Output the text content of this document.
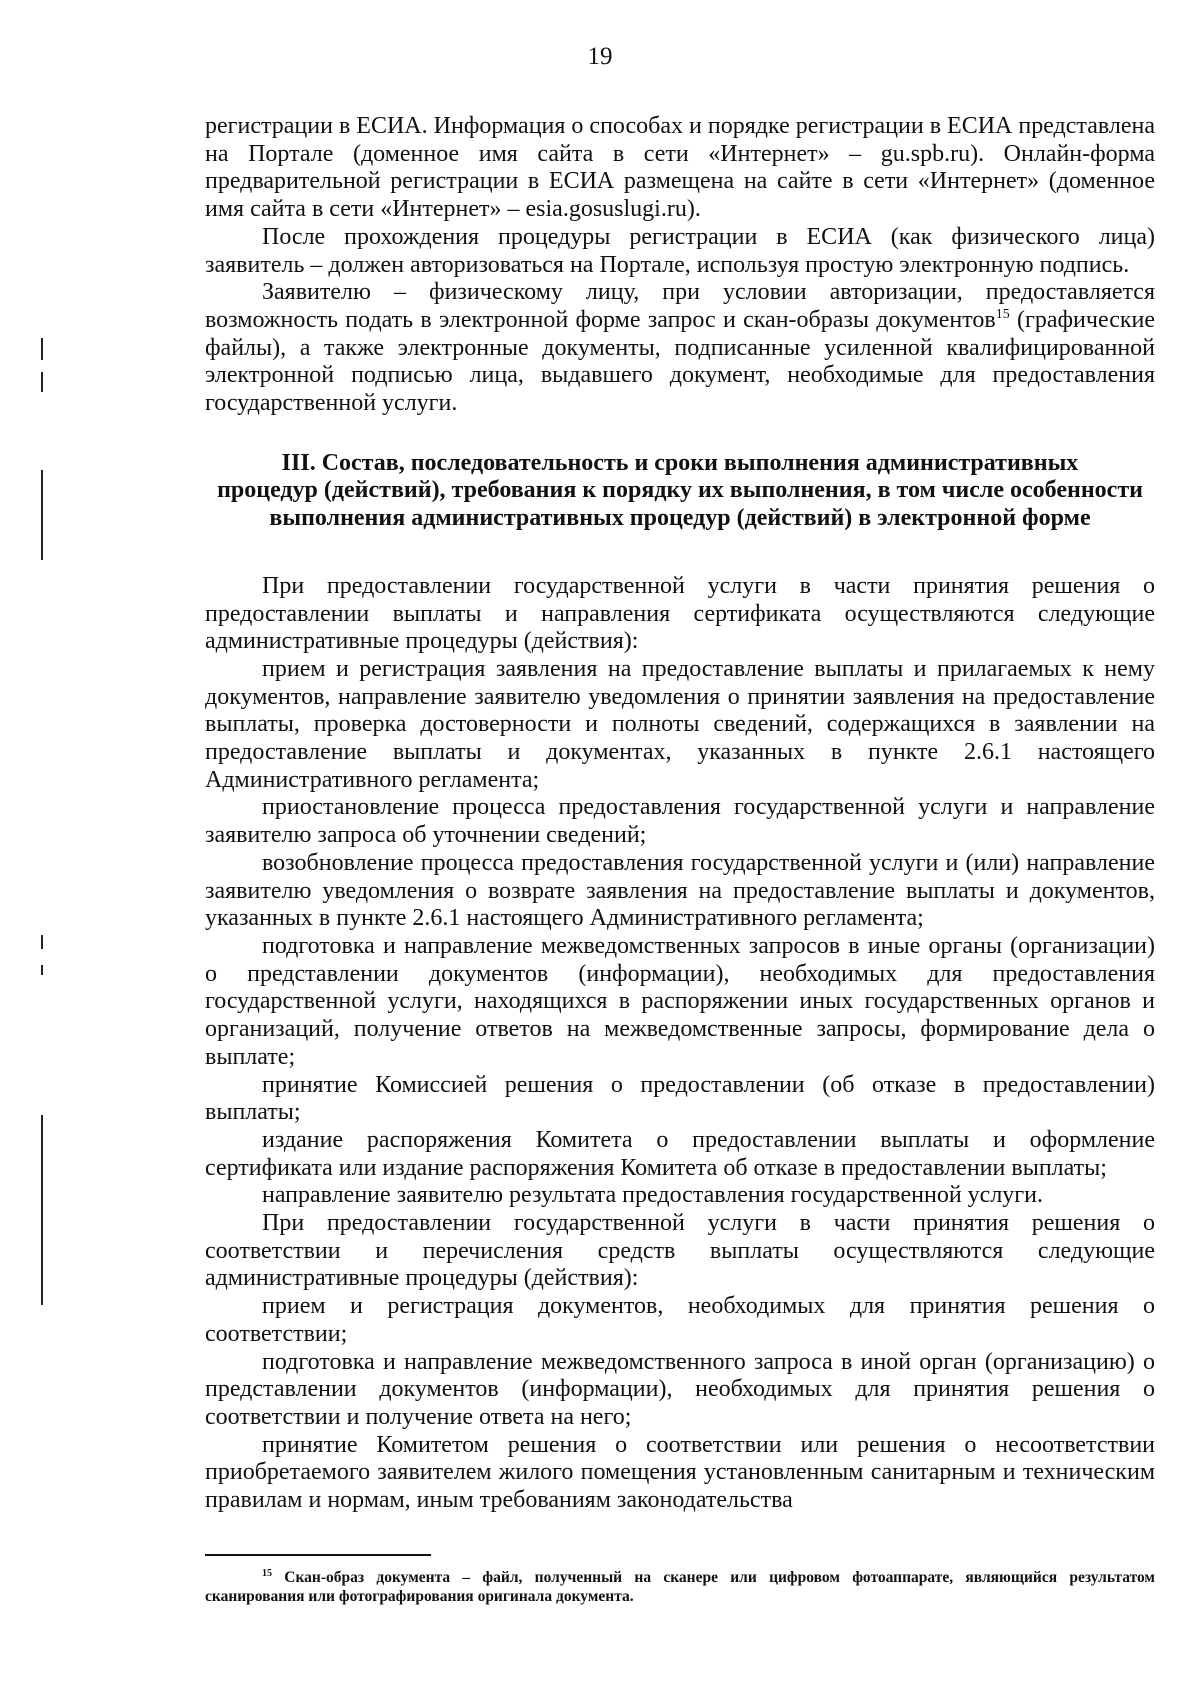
19

регистрации в ЕСИА. Информация о способах и порядке регистрации в ЕСИА представлена на Портале (доменное имя сайта в сети «Интернет» – gu.spb.ru). Онлайн-форма предварительной регистрации в ЕСИА размещена на сайте в сети «Интернет» (доменное имя сайта в сети «Интернет» – esia.gosuslugi.ru).

После прохождения процедуры регистрации в ЕСИА (как физического лица) заявитель – должен авторизоваться на Портале, используя простую электронную подпись.

Заявителю – физическому лицу, при условии авторизации, предоставляется возможность подать в электронной форме запрос и скан-образы документов$^{15}$ (графические файлы), а также электронные документы, подписанные усиленной квалифицированной электронной подписью лица, выдавшего документ, необходимые для предоставления государственной услуги.

III. Состав, последовательность и сроки выполнения административных
процедур (действий), требования к порядку их выполнения, в том числе особенности
выполнения административных процедур (действий) в электронной форме

При предоставлении государственной услуги в части принятия решения о предоставлении выплаты и направления сертификата осуществляются следующие административные процедуры (действия):

прием и регистрация заявления на предоставление выплаты и прилагаемых к нему документов, направление заявителю уведомления о принятии заявления на предоставление выплаты, проверка достоверности и полноты сведений, содержащихся в заявлении на предоставление выплаты и документах, указанных в пункте 2.6.1 настоящего Административного регламента;

приостановление процесса предоставления государственной услуги и направление заявителю запроса об уточнении сведений;

возобновление процесса предоставления государственной услуги и (или) направление заявителю уведомления о возврате заявления на предоставление выплаты и документов, указанных в пункте 2.6.1 настоящего Административного регламента;

подготовка и направление межведомственных запросов в иные органы (организации) о представлении документов (информации), необходимых для предоставления государственной услуги, находящихся в распоряжении иных государственных органов и организаций, получение ответов на межведомственные запросы, формирование дела о выплате;

принятие Комиссией решения о предоставлении (об отказе в предоставлении) выплаты;

издание распоряжения Комитета о предоставлении выплаты и оформление сертификата или издание распоряжения Комитета об отказе в предоставлении выплаты;

направление заявителю результата предоставления государственной услуги.

При предоставлении государственной услуги в части принятия решения о соответствии и перечисления средств выплаты осуществляются следующие административные процедуры (действия):

прием и регистрация документов, необходимых для принятия решения о соответствии;

подготовка и направление межведомственного запроса в иной орган (организацию) о представлении документов (информации), необходимых для принятия решения о соответствии и получение ответа на него;

принятие Комитетом решения о соответствии или решения о несоответствии приобретаемого заявителем жилого помещения установленным санитарным и техническим правилам и нормам, иным требованиям законодательства

$^{15}$ Скан-образ документа – файл, полученный на сканере или цифровом фотоаппарате, являющийся результатом сканирования или фотографирования оригинала документа.
